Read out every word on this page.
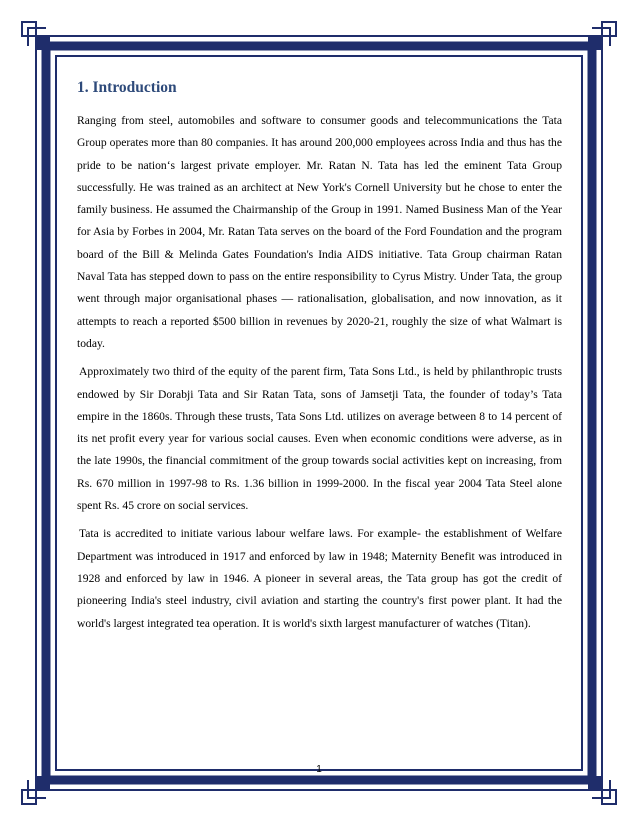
1. Introduction

Ranging from steel, automobiles and software to consumer goods and telecommunications the Tata Group operates more than 80 companies. It has around 200,000 employees across India and thus has the pride to be nation‘s largest private employer. Mr. Ratan N. Tata has led the eminent Tata Group successfully. He was trained as an architect at New York's Cornell University but he chose to enter the family business. He assumed the Chairmanship of the Group in 1991. Named Business Man of the Year for Asia by Forbes in 2004, Mr. Ratan Tata serves on the board of the Ford Foundation and the program board of the Bill & Melinda Gates Foundation's India AIDS initiative. Tata Group chairman Ratan Naval Tata has stepped down to pass on the entire responsibility to Cyrus Mistry. Under Tata, the group went through major organisational phases — rationalisation, globalisation, and now innovation, as it attempts to reach a reported $500 billion in revenues by 2020-21, roughly the size of what Walmart is today.

Approximately two third of the equity of the parent firm, Tata Sons Ltd., is held by philanthropic trusts endowed by Sir Dorabji Tata and Sir Ratan Tata, sons of Jamsetji Tata, the founder of today’s Tata empire in the 1860s. Through these trusts, Tata Sons Ltd. utilizes on average between 8 to 14 percent of its net profit every year for various social causes. Even when economic conditions were adverse, as in the late 1990s, the financial commitment of the group towards social activities kept on increasing, from Rs. 670 million in 1997-98 to Rs. 1.36 billion in 1999-2000. In the fiscal year 2004 Tata Steel alone spent Rs. 45 crore on social services.

Tata is accredited to initiate various labour welfare laws. For example- the establishment of Welfare Department was introduced in 1917 and enforced by law in 1948; Maternity Benefit was introduced in 1928 and enforced by law in 1946. A pioneer in several areas, the Tata group has got the credit of pioneering India's steel industry, civil aviation and starting the country's first power plant. It had the world's largest integrated tea operation. It is world's sixth largest manufacturer of watches (Titan).

1
